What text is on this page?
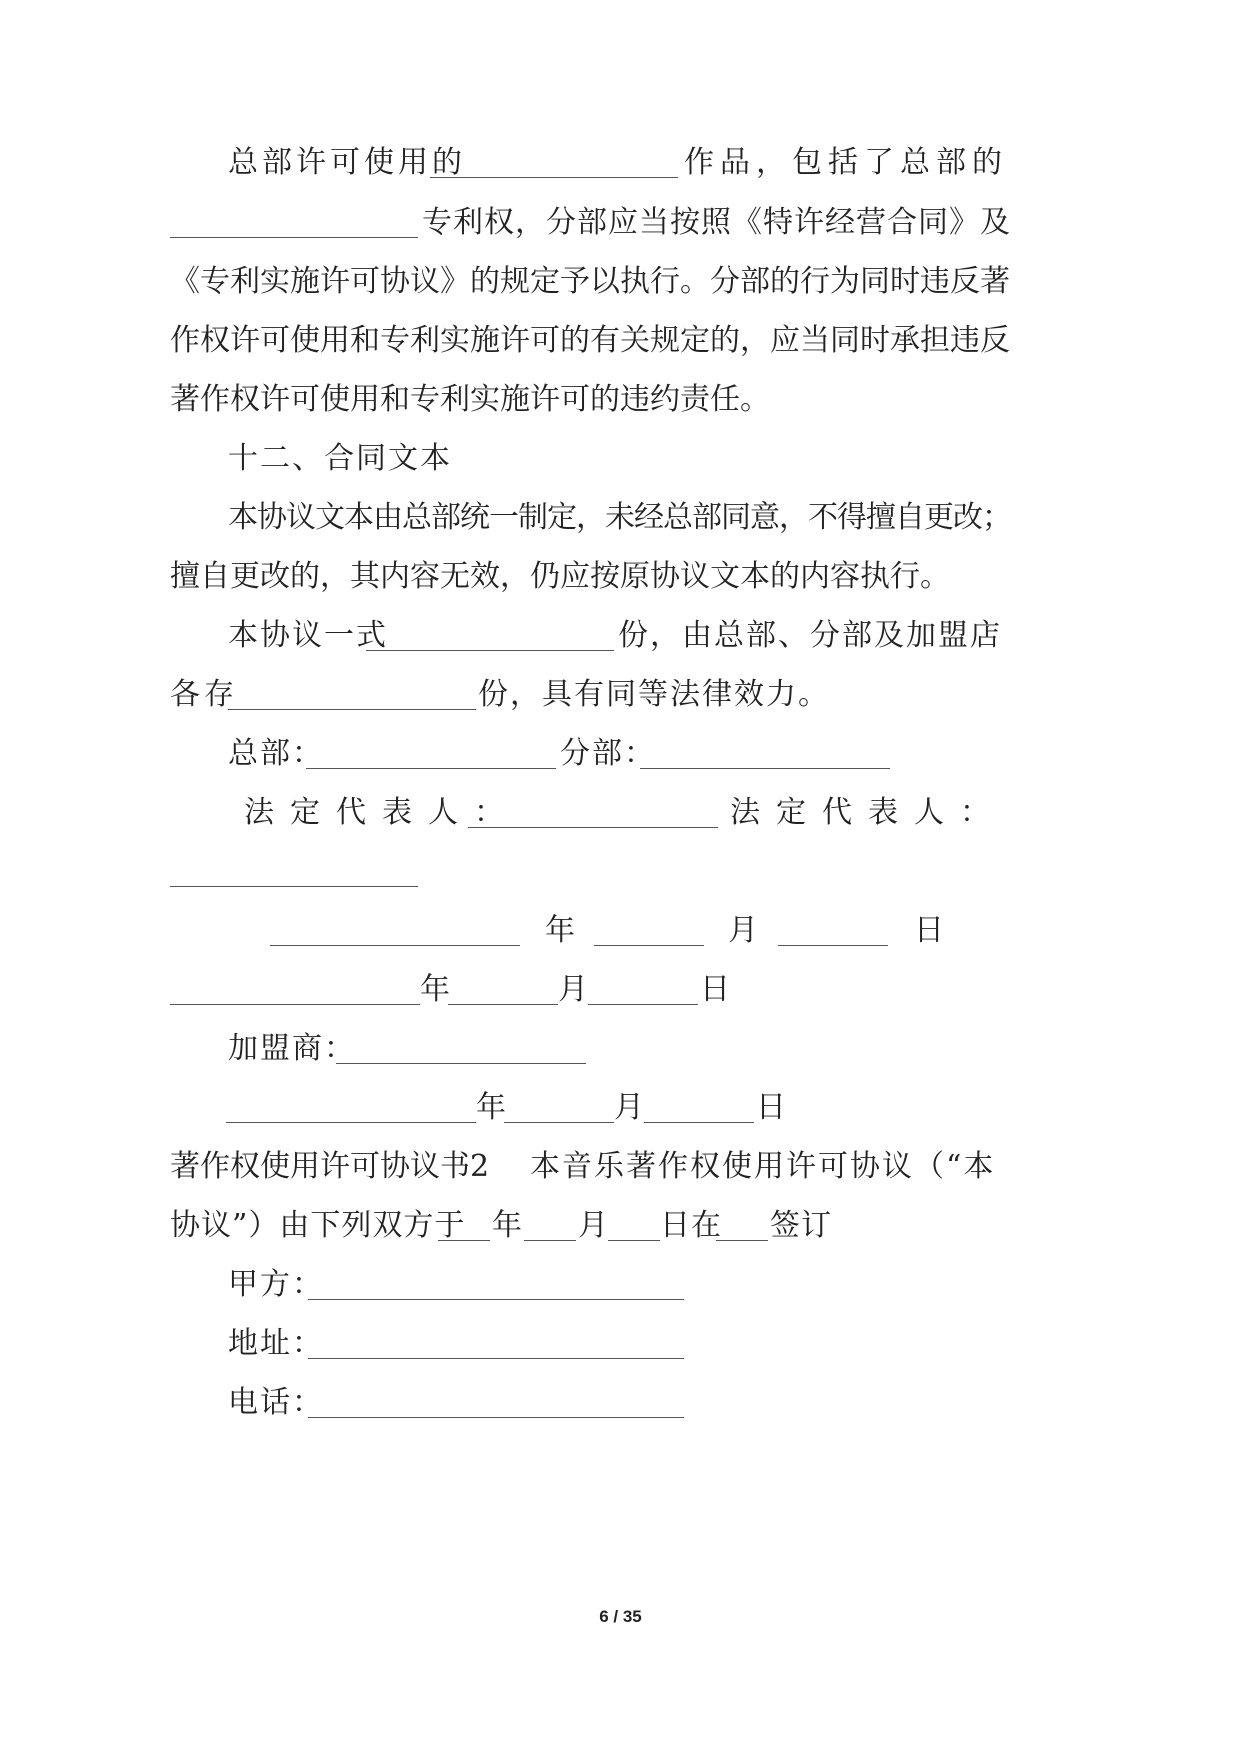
总部许可使用的	作品，包括了总部的
专利权，分部应当按照《特许经营合同》及
《专利实施许可协议》的规定予以执行。分部的行为同时违反著
作权许可使用和专利实施许可的有关规定的，应当同时承担违反
著作权许可使用和专利实施许可的违约责任。
十二、合同文本
本协议文本由总部统一制定，未经总部同意，不得擅自更改；
擅自更改的，其内容无效，仍应按原协议文本的内容执行。
本协议一式	份，由总部、分部及加盟店
各存	份，具有同等法律效力。
总部：	分部：
法定代表人：	法定代表人：
年	月	日
年	月	日
加盟商：
年	月	日
著作权使用许可协议书2 本音乐著作权使用许可协议（“本
协议”）由下列双方于 年 月 日在 签订
甲方：
地址：
电话：
6 / 35
